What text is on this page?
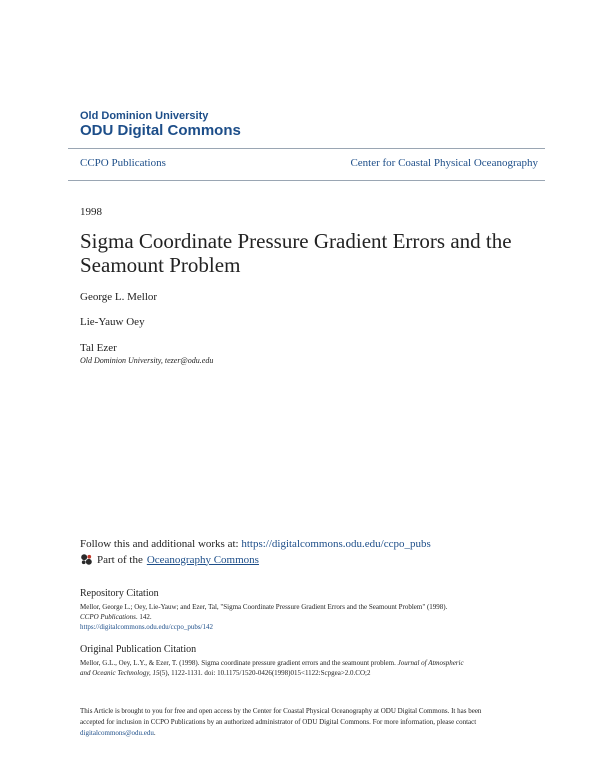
Old Dominion University
ODU Digital Commons
CCPO Publications	Center for Coastal Physical Oceanography
1998
Sigma Coordinate Pressure Gradient Errors and the Seamount Problem
George L. Mellor
Lie-Yauw Oey
Tal Ezer
Old Dominion University, tezer@odu.edu
Follow this and additional works at: https://digitalcommons.odu.edu/ccpo_pubs
Part of the Oceanography Commons
Repository Citation
Mellor, George L.; Oey, Lie-Yauw; and Ezer, Tal, "Sigma Coordinate Pressure Gradient Errors and the Seamount Problem" (1998).
CCPO Publications. 142.
https://digitalcommons.odu.edu/ccpo_pubs/142
Original Publication Citation
Mellor, G.L., Oey, L.Y., & Ezer, T. (1998). Sigma coordinate pressure gradient errors and the seamount problem. Journal of Atmospheric
and Oceanic Technology, 15(5), 1122-1131. doi: 10.1175/1520-0426(1998)015<1122:Scpgea>2.0.CO;2
This Article is brought to you for free and open access by the Center for Coastal Physical Oceanography at ODU Digital Commons. It has been
accepted for inclusion in CCPO Publications by an authorized administrator of ODU Digital Commons. For more information, please contact
digitalcommons@odu.edu.
